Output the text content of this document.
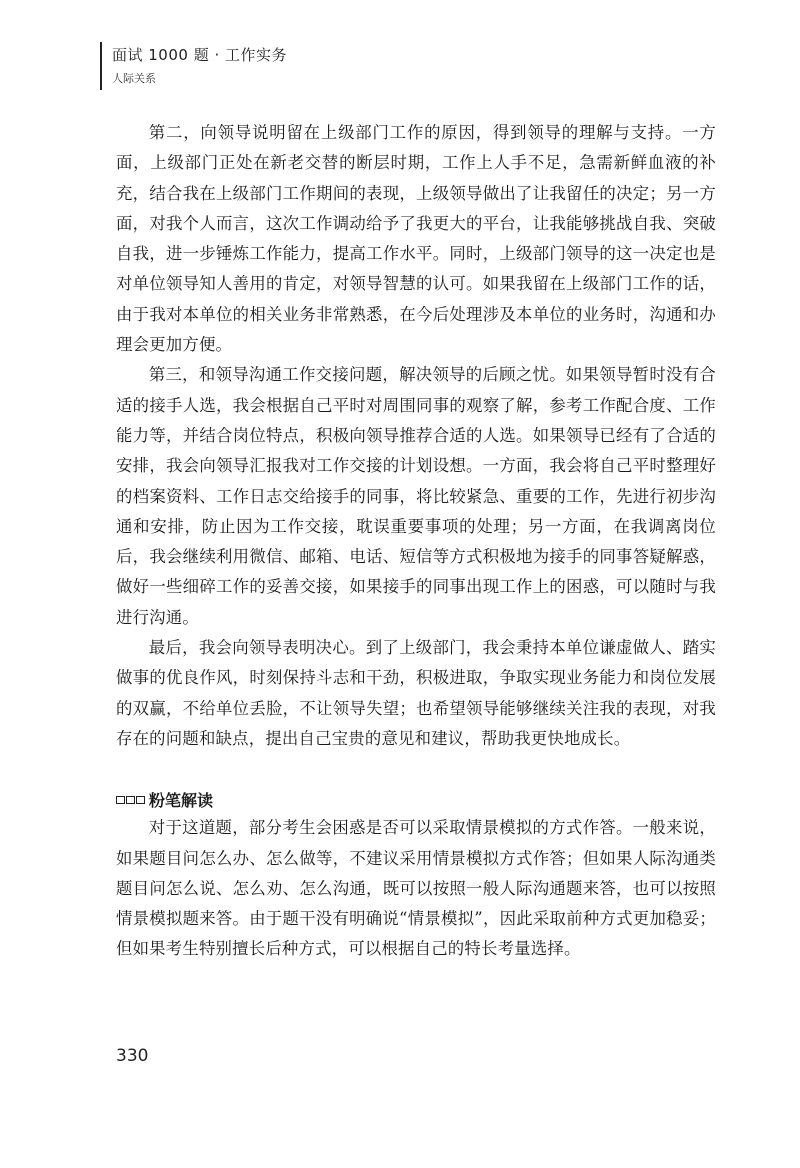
面试 1000 题 · 工作实务
人际关系

第二，向领导说明留在上级部门工作的原因，得到领导的理解与支持。一方面，上级部门正处在新老交替的断层时期，工作上人手不足，急需新鲜血液的补充，结合我在上级部门工作期间的表现，上级领导做出了让我留任的决定；另一方面，对我个人而言，这次工作调动给予了我更大的平台，让我能够挑战自我、突破自我，进一步锤炼工作能力，提高工作水平。同时，上级部门领导的这一决定也是对单位领导知人善用的肯定，对领导智慧的认可。如果我留在上级部门工作的话，由于我对本单位的相关业务非常熟悉，在今后处理涉及本单位的业务时，沟通和办理会更加方便。

第三，和领导沟通工作交接问题，解决领导的后顾之忧。如果领导暂时没有合适的接手人选，我会根据自己平时对周围同事的观察了解，参考工作配合度、工作能力等，并结合岗位特点，积极向领导推荐合适的人选。如果领导已经有了合适的安排，我会向领导汇报我对工作交接的计划设想。一方面，我会将自己平时整理好的档案资料、工作日志交给接手的同事，将比较紧急、重要的工作，先进行初步沟通和安排，防止因为工作交接，耽误重要事项的处理；另一方面，在我调离岗位后，我会继续利用微信、邮箱、电话、短信等方式积极地为接手的同事答疑解惑，做好一些细碎工作的妥善交接，如果接手的同事出现工作上的困惑，可以随时与我进行沟通。

最后，我会向领导表明决心。到了上级部门，我会秉持本单位谦虚做人、踏实做事的优良作风，时刻保持斗志和干劲，积极进取，争取实现业务能力和岗位发展的双赢，不给单位丢脸，不让领导失望；也希望领导能够继续关注我的表现，对我存在的问题和缺点，提出自己宝贵的意见和建议，帮助我更快地成长。

粉笔解读

对于这道题，部分考生会困惑是否可以采取情景模拟的方式作答。一般来说，如果题目问怎么办、怎么做等，不建议采用情景模拟方式作答；但如果人际沟通类题目问怎么说、怎么劝、怎么沟通，既可以按照一般人际沟通题来答，也可以按照情景模拟题来答。由于题干没有明确说“情景模拟”，因此采取前种方式更加稳妥；但如果考生特别擅长后种方式，可以根据自己的特长考量选择。

330
